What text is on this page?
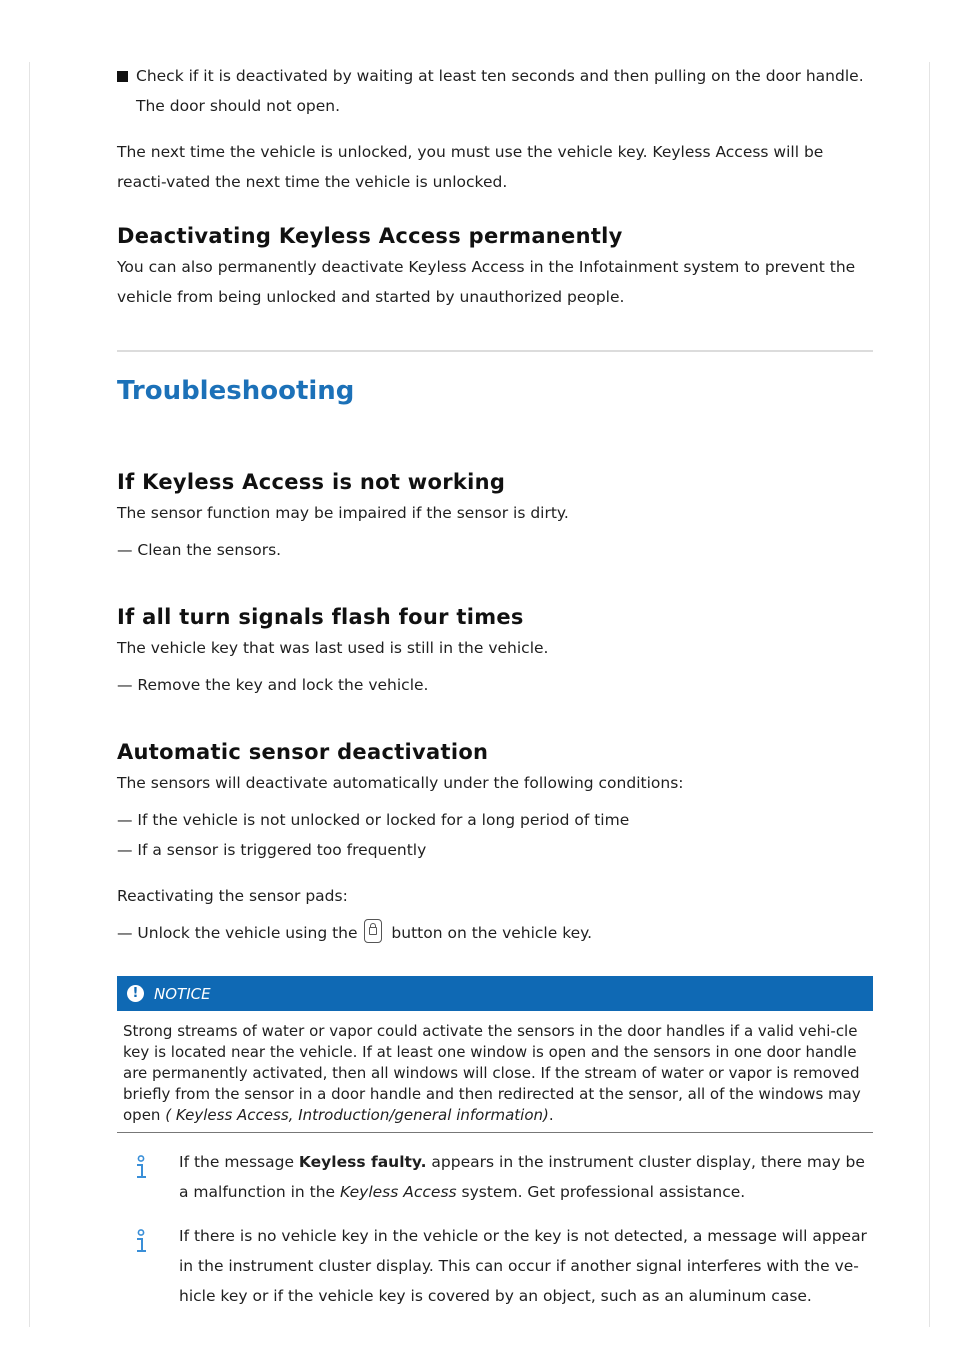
Check if it is deactivated by waiting at least ten seconds and then pulling on the door handle. The door should not open.

The next time the vehicle is unlocked, you must use the vehicle key. Keyless Access will be reacti-vated the next time the vehicle is unlocked.

Deactivating Keyless Access permanently

You can also permanently deactivate Keyless Access in the Infotainment system to prevent the vehicle from being unlocked and started by unauthorized people.

Troubleshooting
If Keyless Access is not working

The sensor function may be impaired if the sensor is dirty.

— Clean the sensors.

If all turn signals flash four times

The vehicle key that was last used is still in the vehicle.

— Remove the key and lock the vehicle.

Automatic sensor deactivation

The sensors will deactivate automatically under the following conditions:

— If the vehicle is not unlocked or locked for a long period of time

— If a sensor is triggered too frequently

Reactivating the sensor pads:

— Unlock the vehicle using the button on the vehicle key.

!	NOTICE
Strong streams of water or vapor could activate the sensors in the door handles if a valid vehi-cle key is located near the vehicle. If at least one window is open and the sensors in one door handle are permanently activated, then all windows will close. If the stream of water or vapor is removed briefly from the sensor in a door handle and then redirected at the sensor, all of the windows may open ( Keyless Access, Introduction/general information).

If the message Keyless faulty. appears in the instrument cluster display, there may be a malfunction in the Keyless Access system. Get professional assistance.

If there is no vehicle key in the vehicle or the key is not detected, a message will appear in the instrument cluster display. This can occur if another signal interferes with the ve-hicle key or if the vehicle key is covered by an object, such as an aluminum case.
